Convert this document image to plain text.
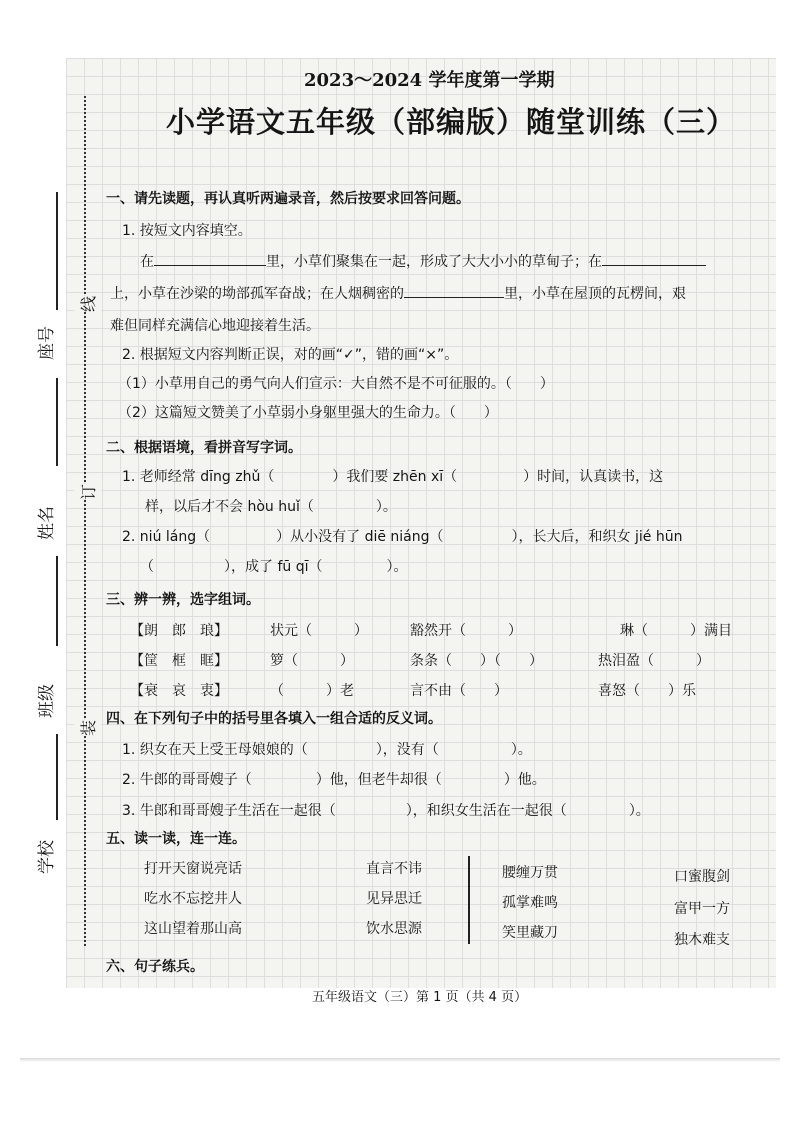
座号
姓名
班级
学校
线
订
装
2023～2024 学年度第一学期
小学语文五年级（部编版）随堂训练（三）
一、请先读题，再认真听两遍录音，然后按要求回答问题。
1. 按短文内容填空。
在	里，小草们聚集在一起，形成了大大小小的草甸子；在
上，小草在沙梁的坳部孤军奋战；在人烟稠密的	里，小草在屋顶的瓦楞间，艰
难但同样充满信心地迎接着生活。
2. 根据短文内容判断正误，对的画“✓”，错的画“×”。
（1）小草用自己的勇气向人们宣示：大自然不是不可征服的。（　　）
（2）这篇短文赞美了小草弱小身躯里强大的生命力。（　　）
二、根据语境，看拼音写字词。
1. 老师经常 dīng zhǔ（	）我们要 zhēn xī（	）时间，认真读书，这
样，以后才不会 hòu huǐ（	）。
2. niú láng（	）从小没有了 diē niáng（	），长大后，和织女 jié hūn
（	），成了 fū qī（	）。
三、辨一辨，选字组词。
【朗　郎　琅】	状元（　　　）	豁然开（　　　）	琳（　　　）满目
【筐　框　眶】	箩（　　　）	条条（　　）（　　）	热泪盈（　　　）
【衰　哀　衷】	（　　　）老	言不由（　　）	喜怒（　　）乐
四、在下列句子中的括号里各填入一组合适的反义词。
1. 织女在天上受王母娘娘的（	），没有（	）。
2. 牛郎的哥哥嫂子（	）他，但老牛却很（	）他。
3. 牛郎和哥哥嫂子生活在一起很（	），和织女生活在一起很（	）。
五、读一读，连一连。
打开天窗说亮话
吃水不忘挖井人
这山望着那山高
直言不讳
见异思迁
饮水思源
腰缠万贯
孤掌难鸣
笑里藏刀
口蜜腹剑
富甲一方
独木难支
六、句子练兵。
五年级语文（三）第 1 页（共 4 页）
